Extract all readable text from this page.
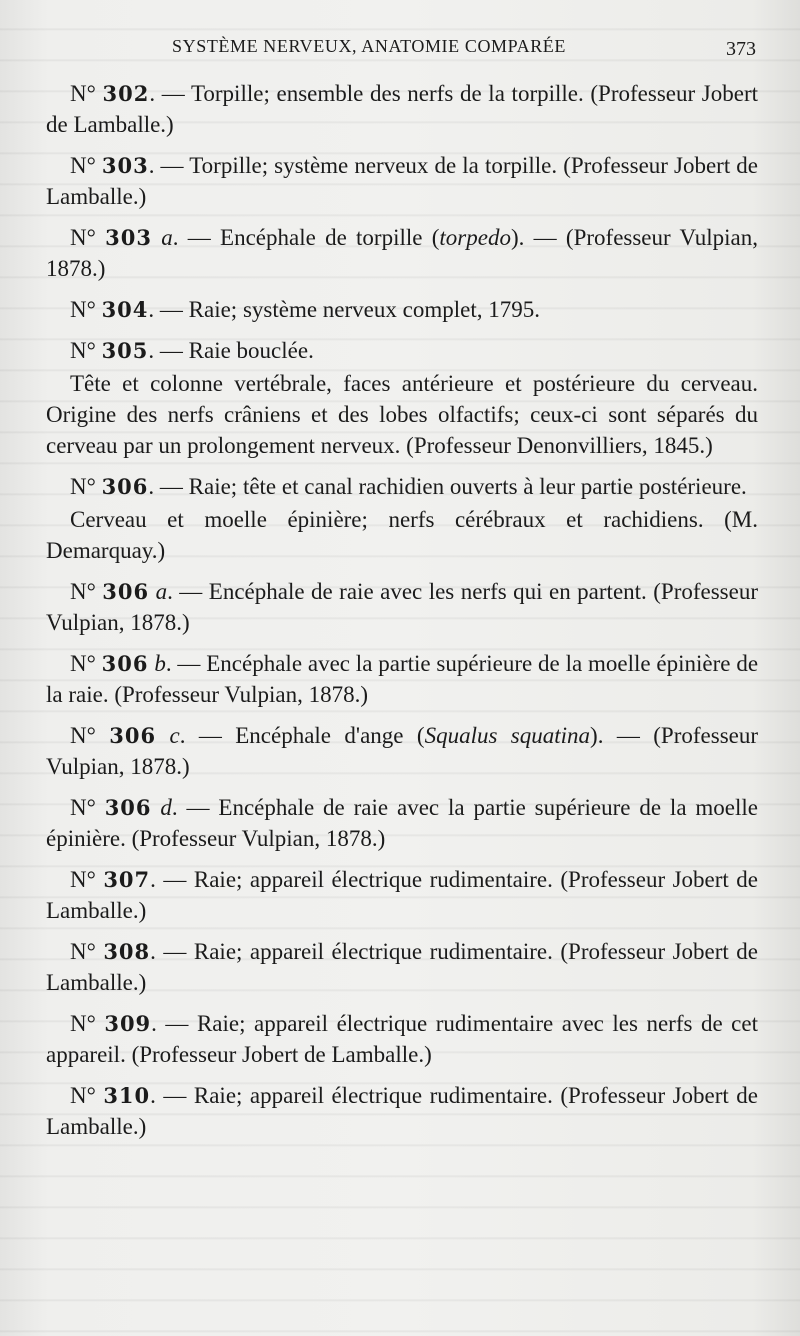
SYSTÈME NERVEUX, ANATOMIE COMPARÉE	373

N° 302. — Torpille; ensemble des nerfs de la torpille. (Professeur Jobert de Lamballe.)

N° 303. — Torpille; système nerveux de la torpille. (Professeur Jobert de Lamballe.)

N° 303 a. — Encéphale de torpille (torpedo). — (Professeur Vulpian, 1878.)

N° 304. — Raie; système nerveux complet, 1795.

N° 305. — Raie bouclée.

Tête et colonne vertébrale, faces antérieure et postérieure du cerveau. Origine des nerfs crâniens et des lobes olfactifs; ceux-ci sont séparés du cerveau par un prolongement nerveux. (Professeur Denonvilliers, 1845.)

N° 306. — Raie; tête et canal rachidien ouverts à leur partie postérieure.

Cerveau et moelle épinière; nerfs cérébraux et rachidiens. (M. Demarquay.)

N° 306 a. — Encéphale de raie avec les nerfs qui en partent. (Professeur Vulpian, 1878.)

N° 306 b. — Encéphale avec la partie supérieure de la moelle épinière de la raie. (Professeur Vulpian, 1878.)

N° 306 c. — Encéphale d'ange (Squalus squatina). — (Professeur Vulpian, 1878.)

N° 306 d. — Encéphale de raie avec la partie supérieure de la moelle épinière. (Professeur Vulpian, 1878.)

N° 307. — Raie; appareil électrique rudimentaire. (Professeur Jobert de Lamballe.)

N° 308. — Raie; appareil électrique rudimentaire. (Professeur Jobert de Lamballe.)

N° 309. — Raie; appareil électrique rudimentaire avec les nerfs de cet appareil. (Professeur Jobert de Lamballe.)

N° 310. — Raie; appareil électrique rudimentaire. (Professeur Jobert de Lamballe.)
